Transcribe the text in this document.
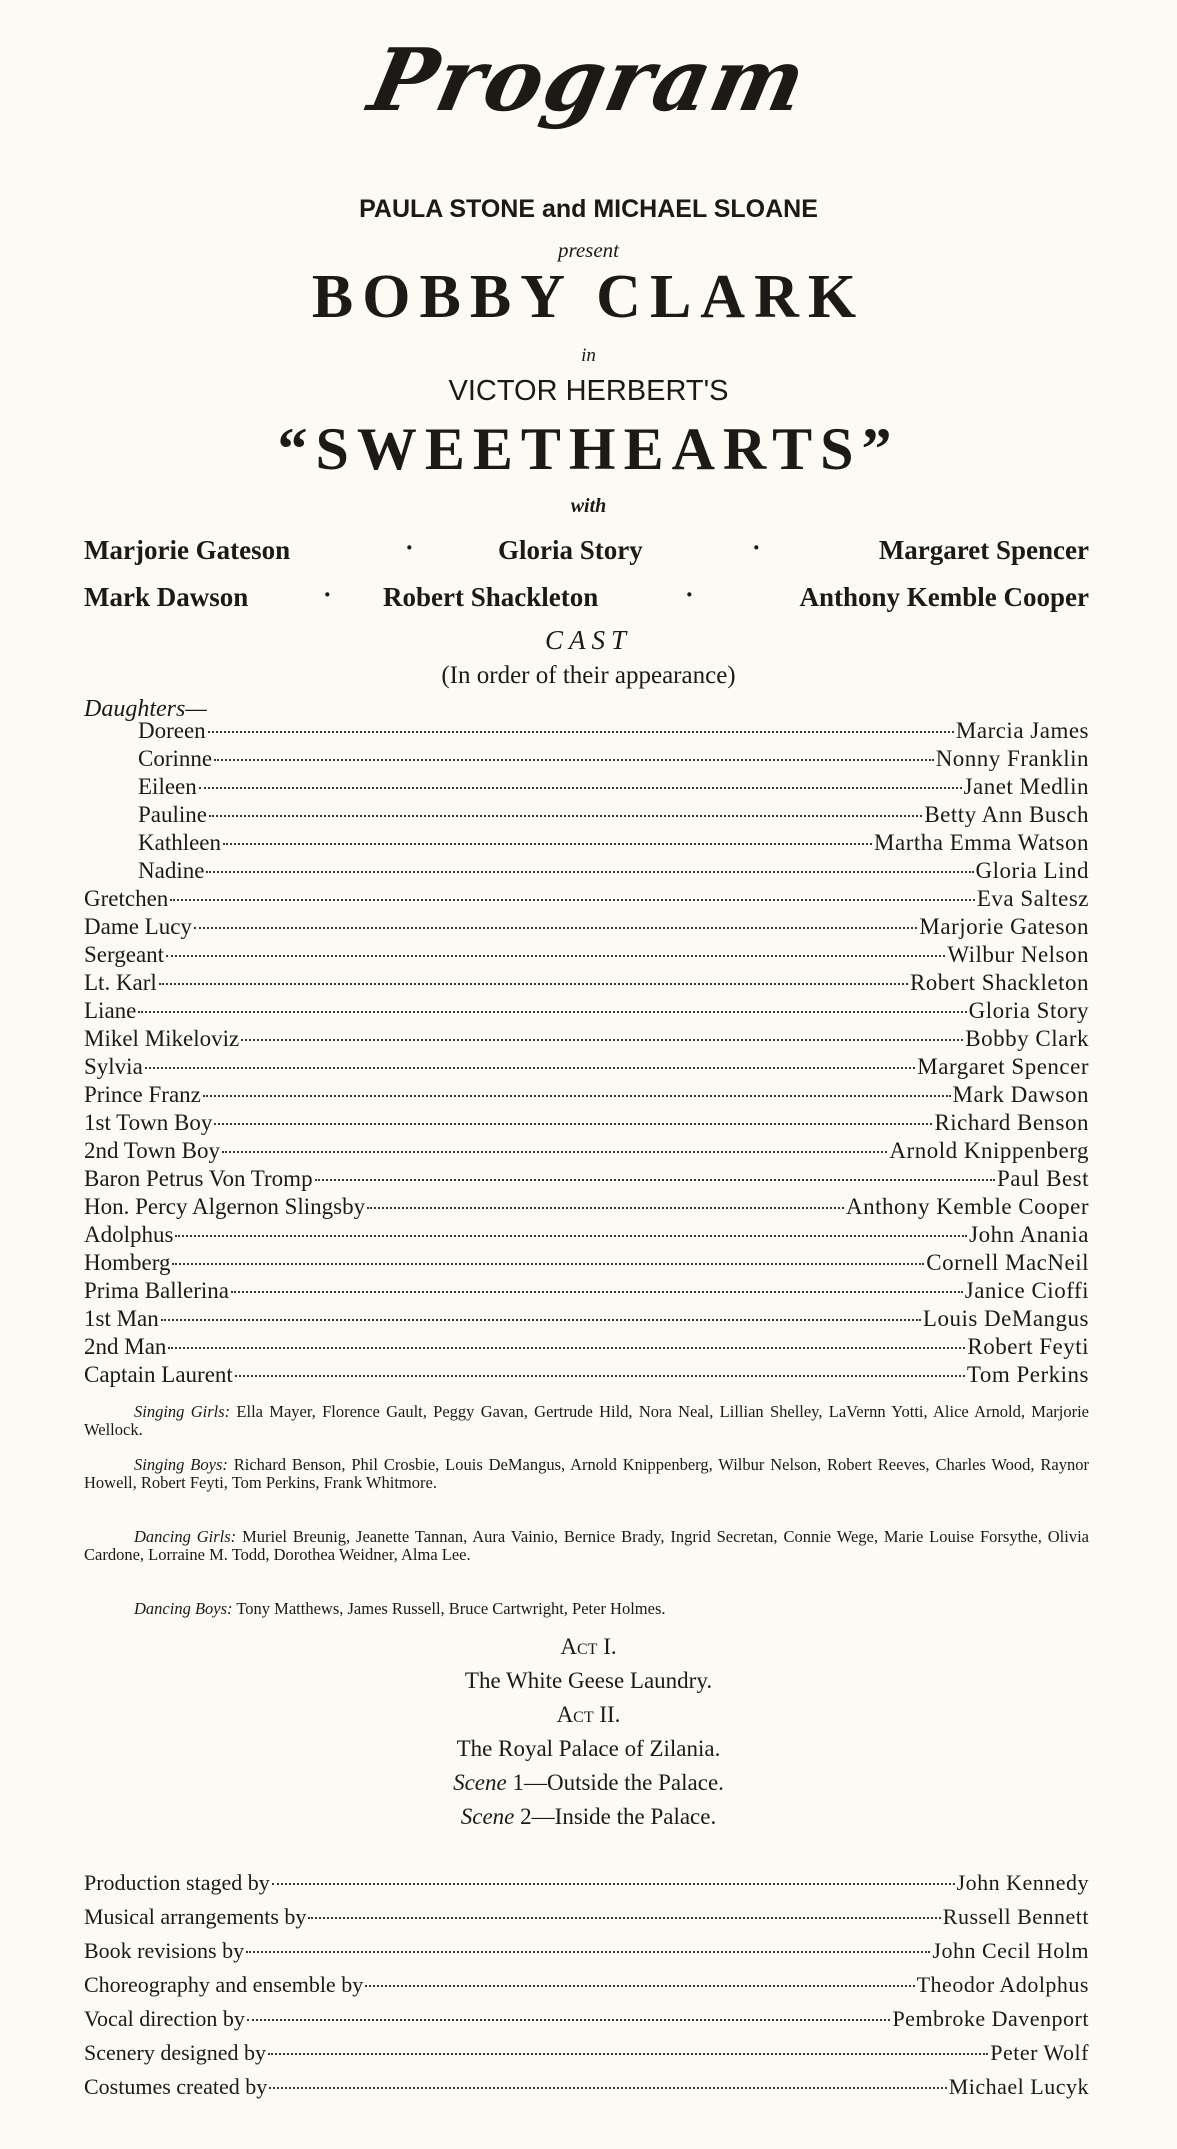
Program
PAULA STONE and MICHAEL SLOANE
present
BOBBY CLARK
in
VICTOR HERBERT'S
“SWEETHEARTS”
with
Marjorie Gateson	·	Gloria Story	·	Margaret Spencer
Mark Dawson	· Robert Shackleton	·	Anthony Kemble Cooper
CAST
(In order of their appearance)
Daughters—
Doreen	Marcia James
Corinne	Nonny Franklin
Eileen	Janet Medlin
Pauline	Betty Ann Busch
Kathleen	Martha Emma Watson
Nadine	Gloria Lind
Gretchen	Eva Saltesz
Dame Lucy	Marjorie Gateson
Sergeant	Wilbur Nelson
Lt. Karl	Robert Shackleton
Liane	Gloria Story
Mikel Mikeloviz	Bobby Clark
Sylvia	Margaret Spencer
Prince Franz	Mark Dawson
1st Town Boy	Richard Benson
2nd Town Boy	Arnold Knippenberg
Baron Petrus Von Tromp	Paul Best
Hon. Percy Algernon Slingsby	Anthony Kemble Cooper
Adolphus	John Anania
Homberg	Cornell MacNeil
Prima Ballerina	Janice Cioffi
1st Man	Louis DeMangus
2nd Man	Robert Feyti
Captain Laurent	Tom Perkins
Singing Girls: Ella Mayer, Florence Gault, Peggy Gavan, Gertrude Hild, Nora Neal, Lillian Shelley, LaVernn Yotti, Alice Arnold, Marjorie Wellock.
Singing Boys: Richard Benson, Phil Crosbie, Louis DeMangus, Arnold Knippenberg, Wilbur Nelson, Robert Reeves, Charles Wood, Raynor Howell, Robert Feyti, Tom Perkins, Frank Whitmore.
Dancing Girls: Muriel Breunig, Jeanette Tannan, Aura Vainio, Bernice Brady, Ingrid Secretan, Connie Wege, Marie Louise Forsythe, Olivia Cardone, Lorraine M. Todd, Dorothea Weidner, Alma Lee.
Dancing Boys: Tony Matthews, James Russell, Bruce Cartwright, Peter Holmes.
Act I.
The White Geese Laundry.
Act II.
The Royal Palace of Zilania.
Scene 1—Outside the Palace.
Scene 2—Inside the Palace.
Production staged by	John Kennedy
Musical arrangements by	Russell Bennett
Book revisions by	John Cecil Holm
Choreography and ensemble by	Theodor Adolphus
Vocal direction by	Pembroke Davenport
Scenery designed by	Peter Wolf
Costumes created by	Michael Lucyk
